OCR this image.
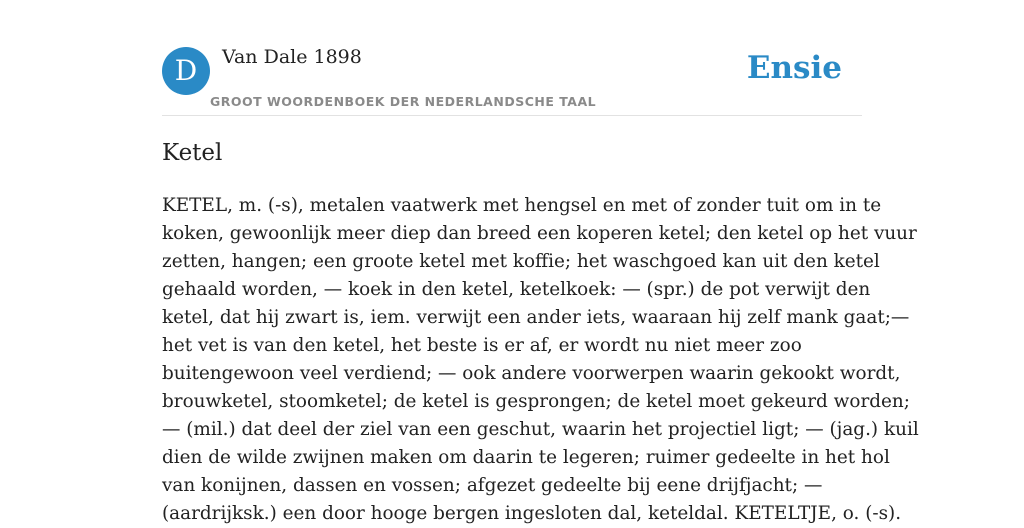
D	Van Dale 1898
GROOT WOORDENBOEK DER NEDERLANDSCHE TAAL
Ensie
Ketel

KETEL, m. (-s), metalen vaatwerk met hengsel en met of zonder tuit om in te
koken, gewoonlijk meer diep dan breed een koperen ketel; den ketel op het vuur
zetten, hangen; een groote ketel met koffie; het waschgoed kan uit den ketel
gehaald worden, — koek in den ketel, ketelkoek: — (spr.) de pot verwijt den
ketel, dat hij zwart is, iem. verwijt een ander iets, waaraan hij zelf mank gaat;—
het vet is van den ketel, het beste is er af, er wordt nu niet meer zoo
buitengewoon veel verdiend; — ook andere voorwerpen waarin gekookt wordt,
brouwketel, stoomketel; de ketel is gesprongen; de ketel moet gekeurd worden;
— (mil.) dat deel der ziel van een geschut, waarin het projectiel ligt; — (jag.) kuil
dien de wilde zwijnen maken om daarin te legeren; ruimer gedeelte in het hol
van konijnen, dassen en vossen; afgezet gedeelte bij eene drijfjacht; —
(aardrijksk.) een door hooge bergen ingesloten dal, keteldal. KETELTJE, o. (-s).
